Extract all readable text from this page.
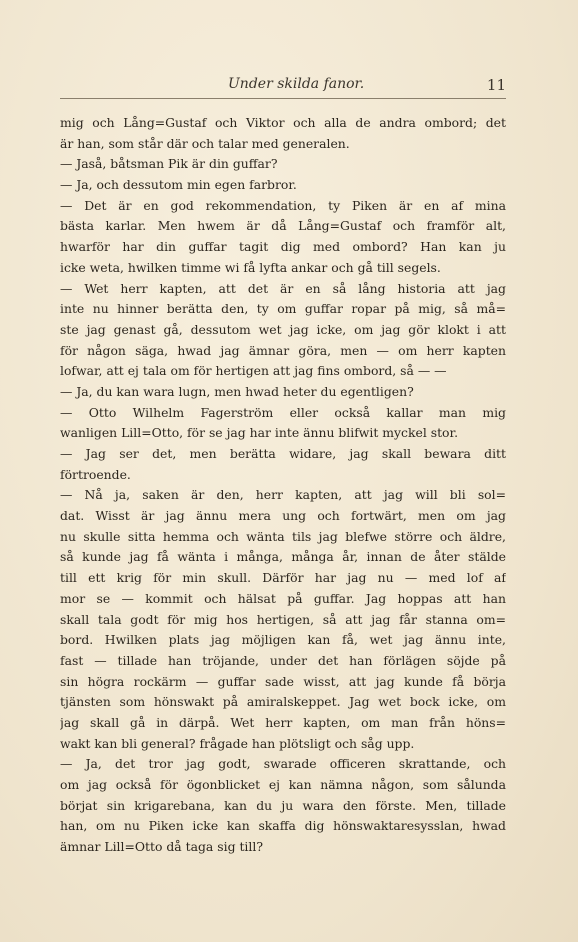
Under skilda fanor.	11
mig och Lång=Gustaf och Viktor och alla de andra ombord; det
är han, som står där och talar med generalen.
— Jaså, båtsman Pik är din guffar?
— Ja, och dessutom min egen farbror.
— Det är en god rekommendation, ty Piken är en af mina
bästa karlar. Men hwem är då Lång=Gustaf och framför alt,
hwarför har din guffar tagit dig med ombord? Han kan ju
icke weta, hwilken timme wi få lyfta ankar och gå till segels.
— Wet herr kapten, att det är en så lång historia att jag
inte nu hinner berätta den, ty om guffar ropar på mig, så må=
ste jag genast gå, dessutom wet jag icke, om jag gör klokt i att
för någon säga, hwad jag ämnar göra, men — om herr kapten
lofwar, att ej tala om för hertigen att jag fins ombord, så — —
— Ja, du kan wara lugn, men hwad heter du egentligen?
— Otto Wilhelm Fagerström eller också kallar man mig
wanligen Lill=Otto, för se jag har inte ännu blifwit myckel stor.
— Jag ser det, men berätta widare, jag skall bewara ditt
förtroende.
— Nå ja, saken är den, herr kapten, att jag will bli sol=
dat. Wisst är jag ännu mera ung och fortwärt, men om jag
nu skulle sitta hemma och wänta tils jag blefwe större och äldre,
så kunde jag få wänta i många, många år, innan de åter stälde
till ett krig för min skull. Därför har jag nu — med lof af
mor se — kommit och hälsat på guffar. Jag hoppas att han
skall tala godt för mig hos hertigen, så att jag får stanna om=
bord. Hwilken plats jag möjligen kan få, wet jag ännu inte,
fast — tillade han tröjande, under det han förlägen söjde på
sin högra rockärm — guffar sade wisst, att jag kunde få börja
tjänsten som hönswakt på amiralskeppet. Jag wet bock icke, om
jag skall gå in därpå. Wet herr kapten, om man från höns=
wakt kan bli general? frågade han plötsligt och såg upp.
— Ja, det tror jag godt, swarade officeren skrattande, och
om jag också för ögonblicket ej kan nämna någon, som sålunda
börjat sin krigarebana, kan du ju wara den förste. Men, tillade
han, om nu Piken icke kan skaffa dig hönswaktaresysslan, hwad
ämnar Lill=Otto då taga sig till?
